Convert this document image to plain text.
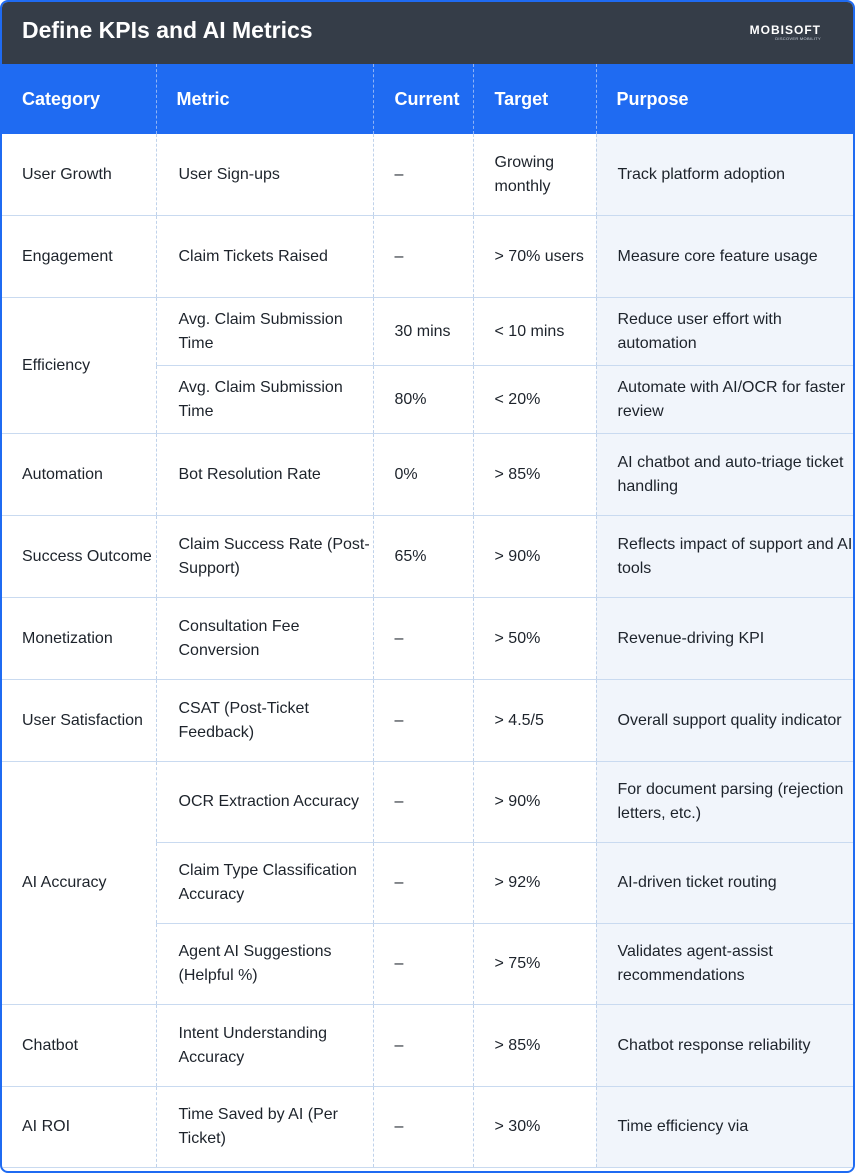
Define KPIs and AI Metrics	MOBISOFT
DISCOVER MOBILITY
Category	Metric	Current	Target	Purpose
User Growth	User Sign-ups	–	Growing monthly	Track platform adoption
Engagement	Claim Tickets Raised	–	> 70% users	Measure core feature usage
Efficiency	Avg. Claim Submission Time	30 mins	< 10 mins	Reduce user effort with automation
	Avg. Claim Submission Time	80%	< 20%	Automate with AI/OCR for faster review
Automation	Bot Resolution Rate	0%	> 85%	AI chatbot and auto-triage ticket handling
Success Outcome	Claim Success Rate (Post-Support)	65%	> 90%	Reflects impact of support and AI tools
Monetization	Consultation Fee Conversion	–	> 50%	Revenue-driving KPI
User Satisfaction	CSAT (Post-Ticket Feedback)	–	> 4.5/5	Overall support quality indicator
AI Accuracy	OCR Extraction Accuracy	–	> 90%	For document parsing (rejection letters, etc.)
	Claim Type Classification Accuracy	–	> 92%	AI-driven ticket routing
	Agent AI Suggestions (Helpful %)	–	> 75%	Validates agent-assist recommendations
Chatbot	Intent Understanding Accuracy	–	> 85%	Chatbot response reliability
AI ROI	Time Saved by AI (Per Ticket)	–	> 30%	Time efficiency via
